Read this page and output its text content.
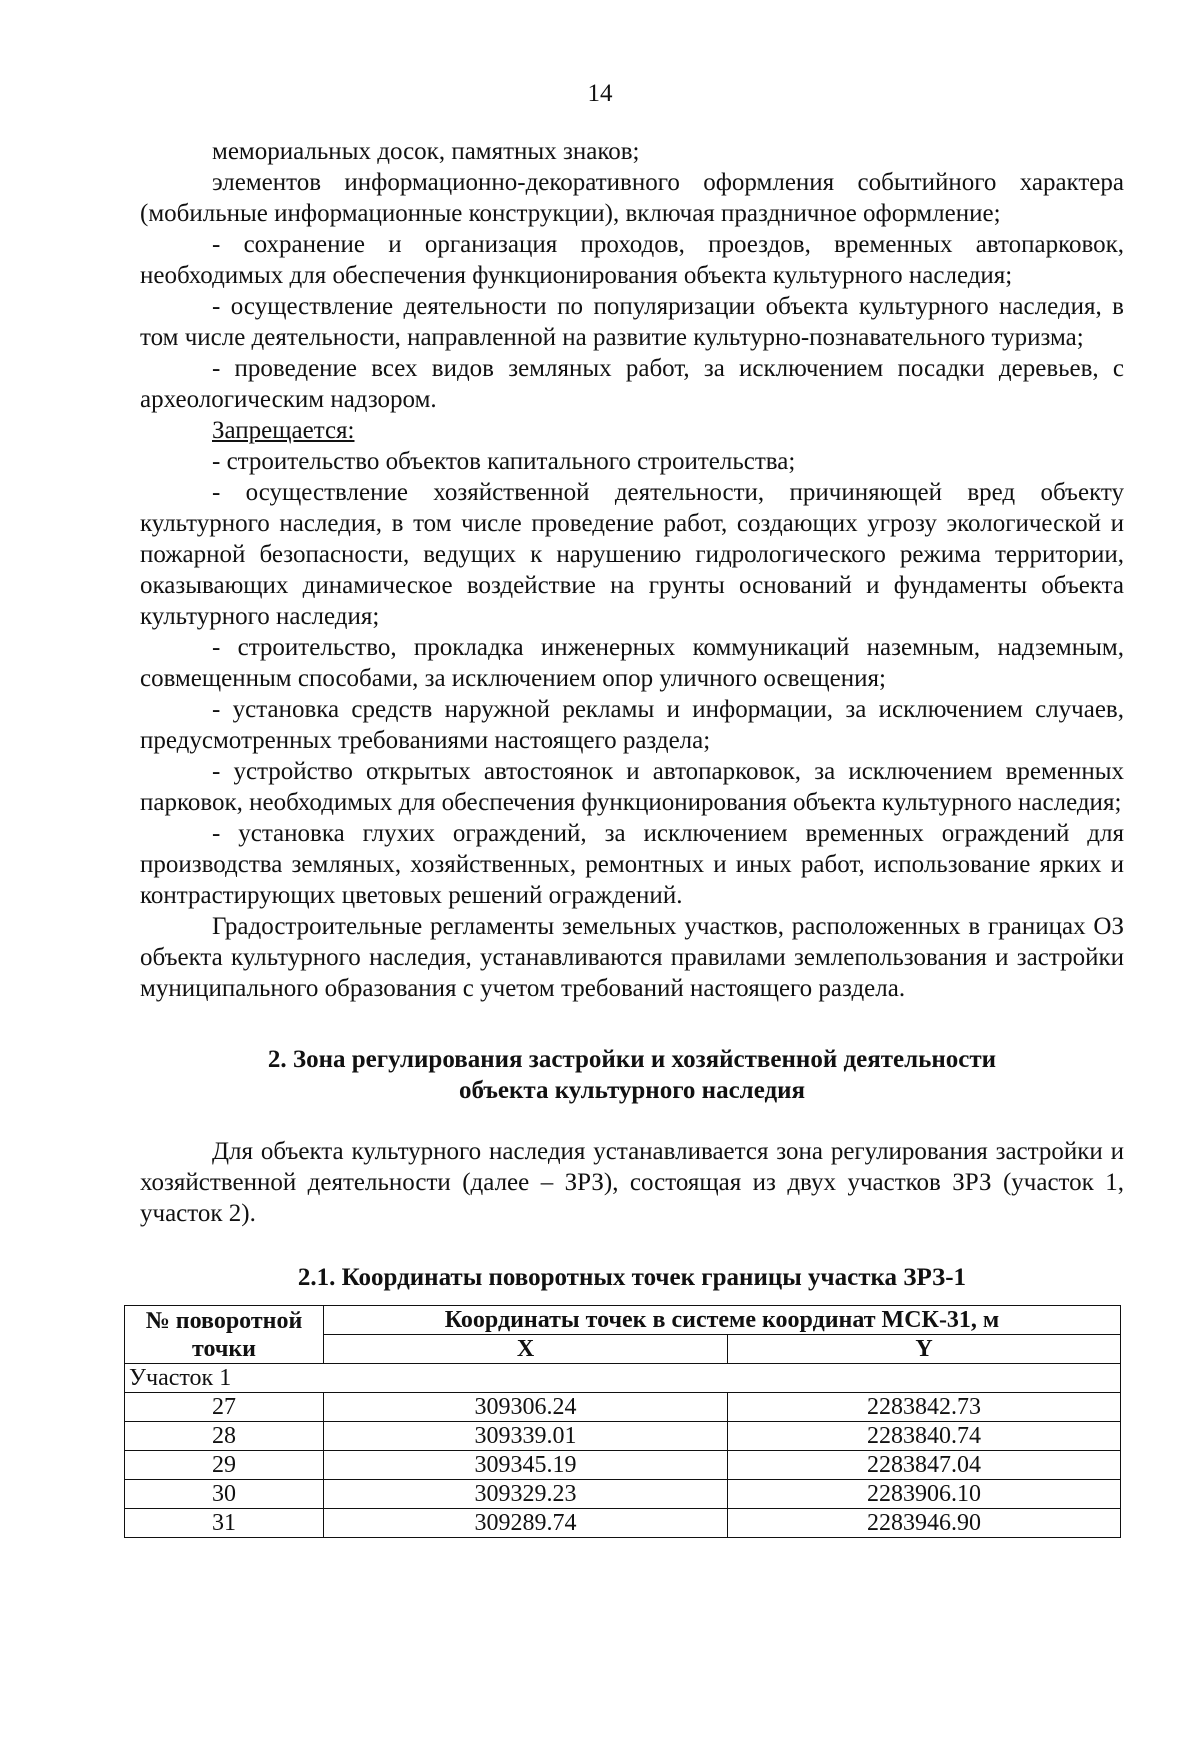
14

мемориальных досок, памятных знаков;

элементов информационно-декоративного оформления событийного характера (мобильные информационные конструкции), включая праздничное оформление;

- сохранение и организация проходов, проездов, временных автопарковок, необходимых для обеспечения функционирования объекта культурного наследия;

- осуществление деятельности по популяризации объекта культурного наследия, в том числе деятельности, направленной на развитие культурно-познавательного туризма;

- проведение всех видов земляных работ, за исключением посадки деревьев, с археологическим надзором.

Запрещается:

- строительство объектов капитального строительства;

- осуществление хозяйственной деятельности, причиняющей вред объекту культурного наследия, в том числе проведение работ, создающих угрозу экологической и пожарной безопасности, ведущих к нарушению гидрологического режима территории, оказывающих динамическое воздействие на грунты оснований и фундаменты объекта культурного наследия;

- строительство, прокладка инженерных коммуникаций наземным, надземным, совмещенным способами, за исключением опор уличного освещения;

- установка средств наружной рекламы и информации, за исключением случаев, предусмотренных требованиями настоящего раздела;

- устройство открытых автостоянок и автопарковок, за исключением временных парковок, необходимых для обеспечения функционирования объекта культурного наследия;

- установка глухих ограждений, за исключением временных ограждений для производства земляных, хозяйственных, ремонтных и иных работ, использование ярких и контрастирующих цветовых решений ограждений.

Градостроительные регламенты земельных участков, расположенных в границах ОЗ объекта культурного наследия, устанавливаются правилами землепользования и застройки муниципального образования с учетом требований настоящего раздела.

2. Зона регулирования застройки и хозяйственной деятельности
объекта культурного наследия

Для объекта культурного наследия устанавливается зона регулирования застройки и хозяйственной деятельности (далее – ЗРЗ), состоящая из двух участков ЗРЗ (участок 1, участок 2).

2.1. Координаты поворотных точек границы участка ЗРЗ-1
№ поворотной
точки	Координаты точек в системе координат МСК-31, м	
	X	Y
Участок 1		
27	309306.24	2283842.73
28	309339.01	2283840.74
29	309345.19	2283847.04
30	309329.23	2283906.10
31	309289.74	2283946.90
